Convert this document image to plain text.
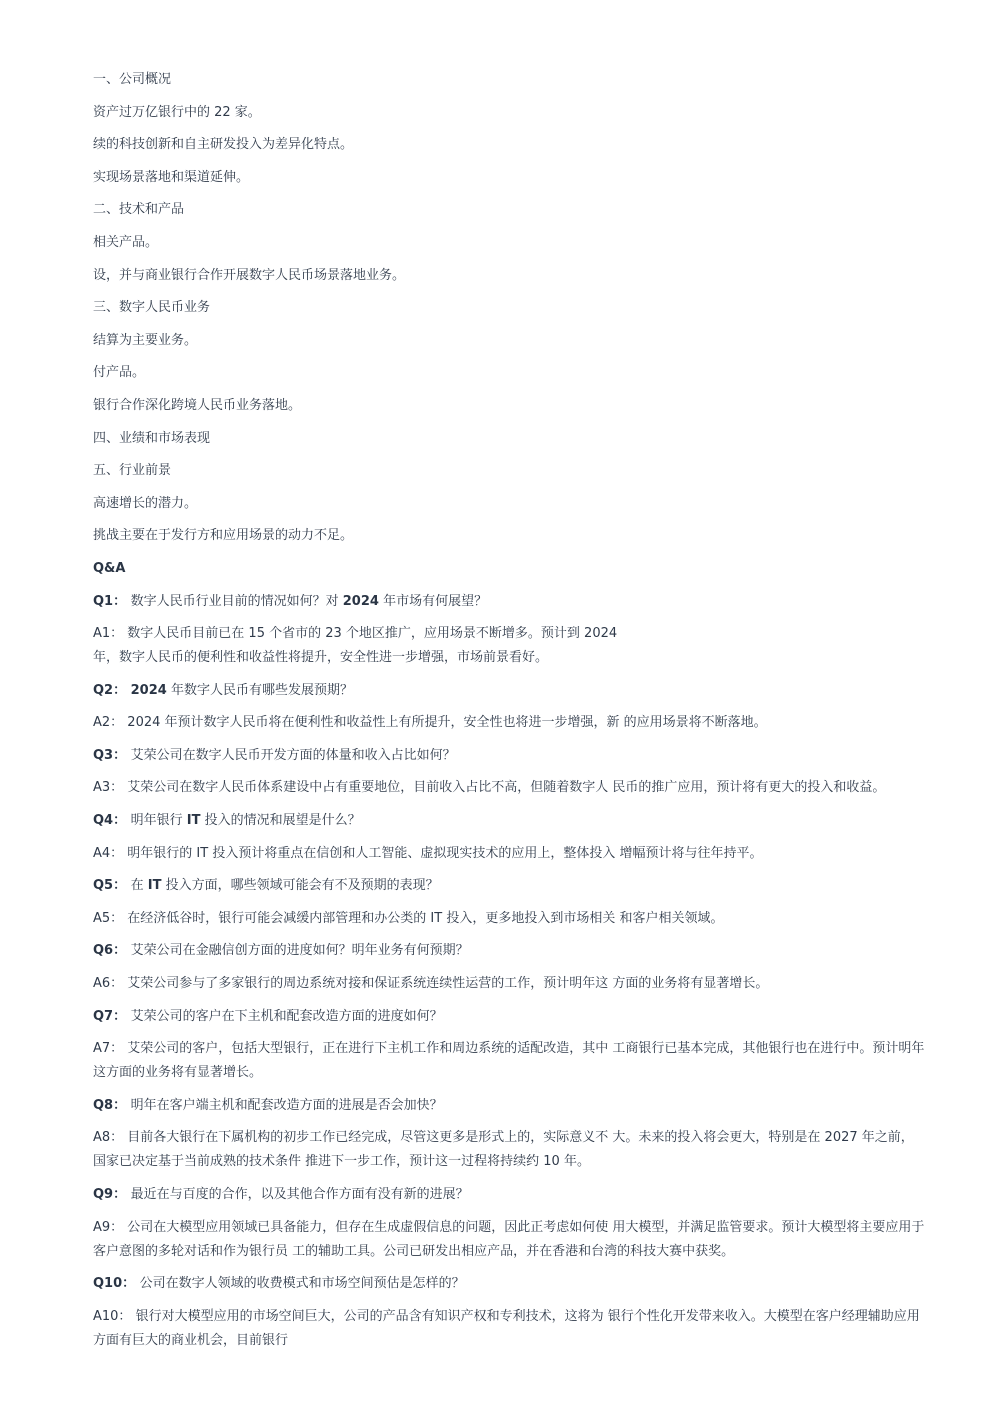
一、公司概况
资产过万亿银行中的 22 家。
续的科技创新和自主研发投入为差异化特点。
实现场景落地和渠道延伸。
二、技术和产品
相关产品。
设，并与商业银行合作开展数字人民币场景落地业务。
三、数字人民币业务
结算为主要业务。
付产品。
银行合作深化跨境人民币业务落地。
四、业绩和市场表现
五、行业前景
高速增长的潜力。
挑战主要在于发行方和应用场景的动力不足。
Q&A
Q1： 数字人民币行业目前的情况如何？对 2024 年市场有何展望？
A1： 数字人民币目前已在 15 个省市的 23 个地区推广，应用场景不断增多。预计到 2024
年，数字人民币的便利性和收益性将提升，安全性进一步增强，市场前景看好。
Q2： 2024 年数字人民币有哪些发展预期？
A2： 2024 年预计数字人民币将在便利性和收益性上有所提升，安全性也将进一步增强，新 的应用场景将不断落地。
Q3： 艾荣公司在数字人民币开发方面的体量和收入占比如何？
A3： 艾荣公司在数字人民币体系建设中占有重要地位，目前收入占比不高，但随着数字人 民币的推广应用，预计将有更大的投入和收益。
Q4： 明年银行 IT 投入的情况和展望是什么？
A4： 明年银行的 IT 投入预计将重点在信创和人工智能、虚拟现实技术的应用上，整体投入 增幅预计将与往年持平。
Q5： 在 IT 投入方面，哪些领域可能会有不及预期的表现？
A5： 在经济低谷时，银行可能会减缓内部管理和办公类的 IT 投入，更多地投入到市场相关 和客户相关领域。
Q6： 艾荣公司在金融信创方面的进度如何？明年业务有何预期？
A6： 艾荣公司参与了多家银行的周边系统对接和保证系统连续性运营的工作，预计明年这 方面的业务将有显著增长。
Q7： 艾荣公司的客户在下主机和配套改造方面的进度如何？
A7： 艾荣公司的客户，包括大型银行，正在进行下主机工作和周边系统的适配改造，其中 工商银行已基本完成，其他银行也在进行中。预计明年
这方面的业务将有显著增长。
Q8： 明年在客户端主机和配套改造方面的进展是否会加快？
A8： 目前各大银行在下属机构的初步工作已经完成，尽管这更多是形式上的，实际意义不 大。未来的投入将会更大，特别是在 2027 年之前，
国家已决定基于当前成熟的技术条件 推进下一步工作，预计这一过程将持续约 10 年。
Q9： 最近在与百度的合作，以及其他合作方面有没有新的进展？
A9： 公司在大模型应用领域已具备能力，但存在生成虚假信息的问题，因此正考虑如何使 用大模型，并满足监管要求。预计大模型将主要应用于
客户意图的多轮对话和作为银行员 工的辅助工具。公司已研发出相应产品，并在香港和台湾的科技大赛中获奖。
Q10： 公司在数字人领域的收费模式和市场空间预估是怎样的？
A10： 银行对大模型应用的市场空间巨大，公司的产品含有知识产权和专利技术，这将为 银行个性化开发带来收入。大模型在客户经理辅助应用
方面有巨大的商业机会，目前银行
